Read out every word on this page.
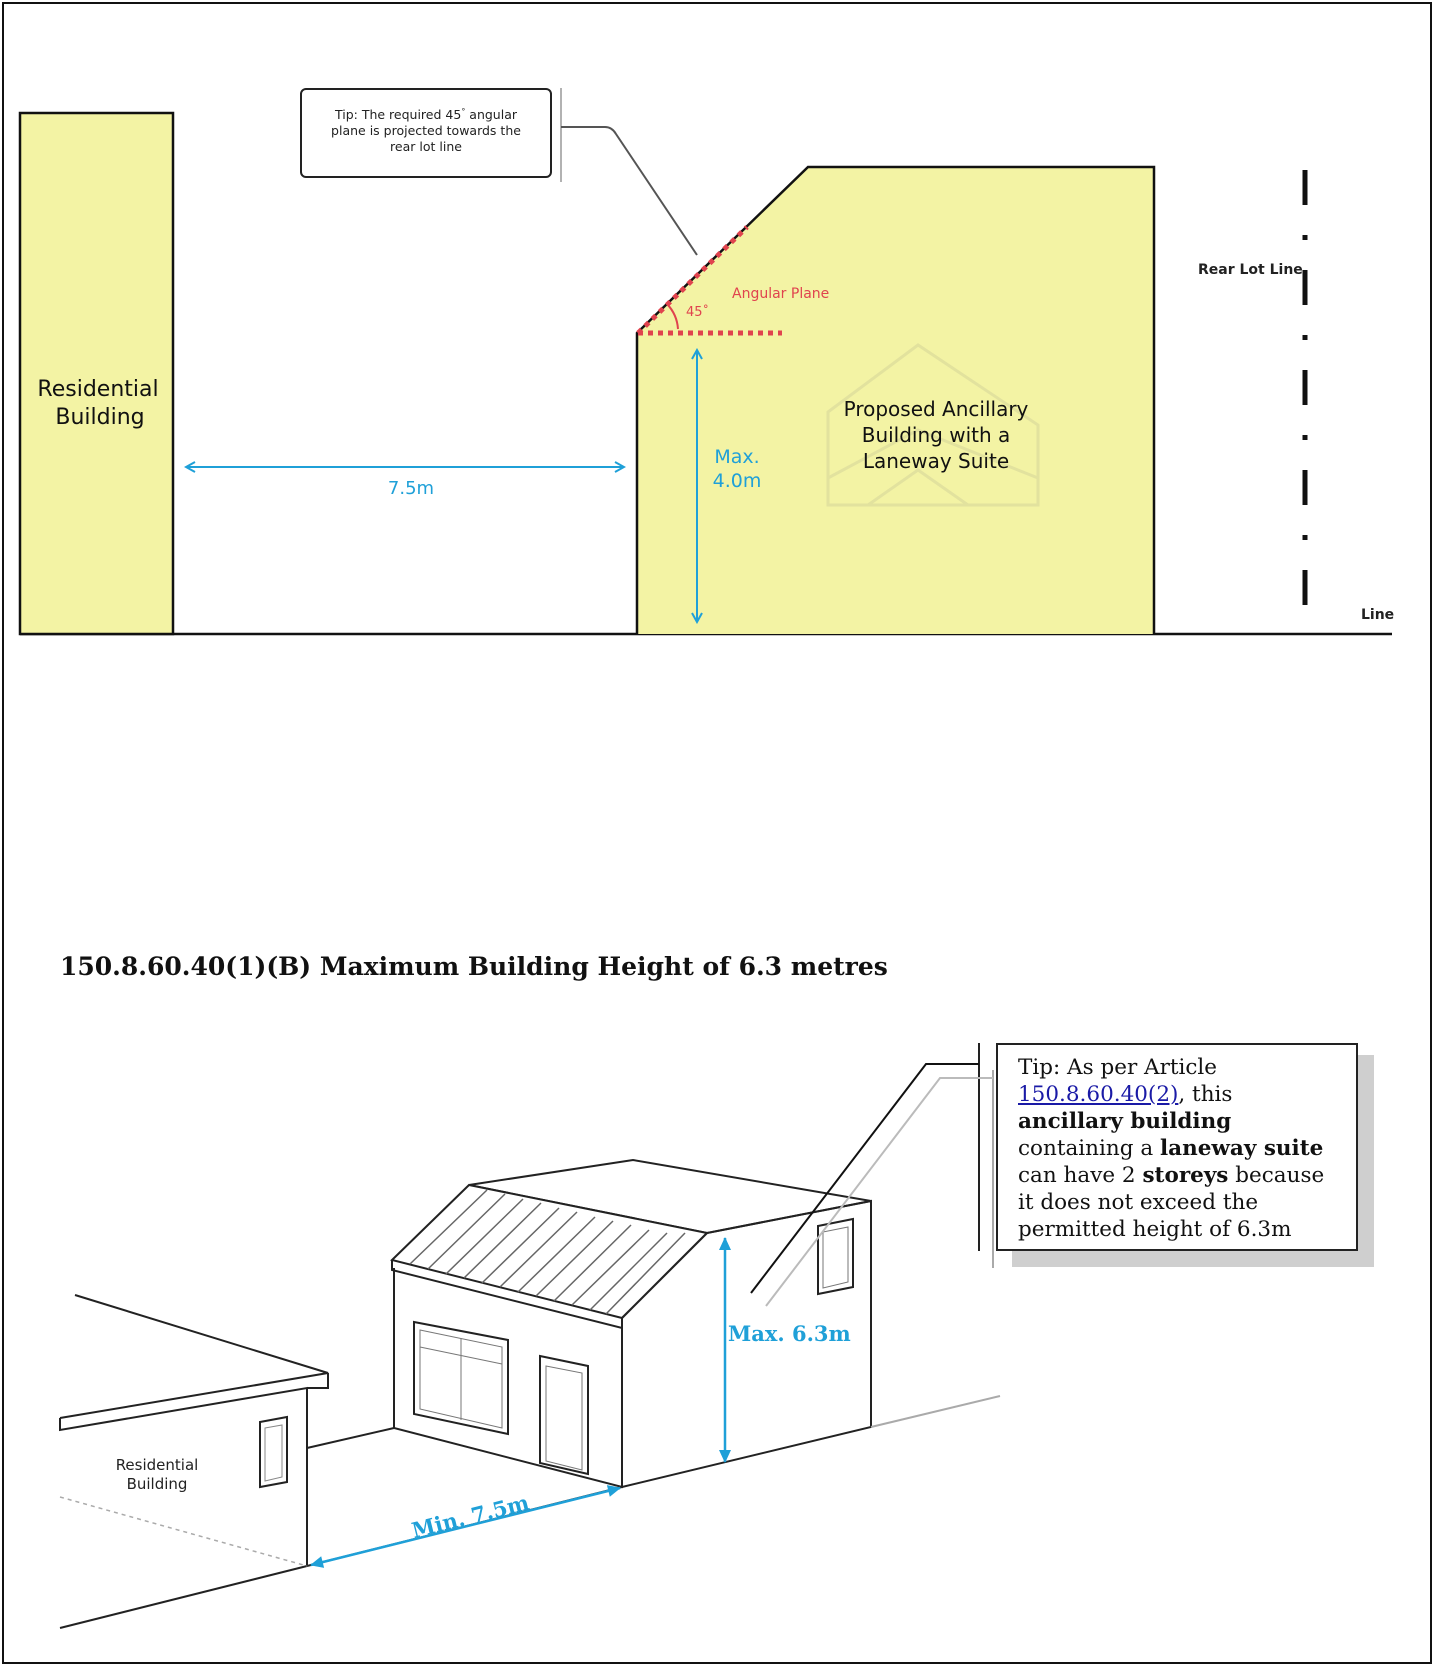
Residential
Building	Proposed Ancillary
Building with a
Laneway Suite
45˚
Angular Plane
7.5m
Max.
4.0m
Rear Lot Line
Line
Tip: The required 45° angular
plane is projected towards the
rear lot line
150.8.60.40(1)(B) Maximum Building Height of 6.3 metres
Residential
Building
Max. 6.3m
Min. 7.5m
Tip: As per Article
150.8.60.40(2), this
ancillary building
containing a laneway suite
can have 2 storeys because it does not exceed the permitted height of 6.3m
